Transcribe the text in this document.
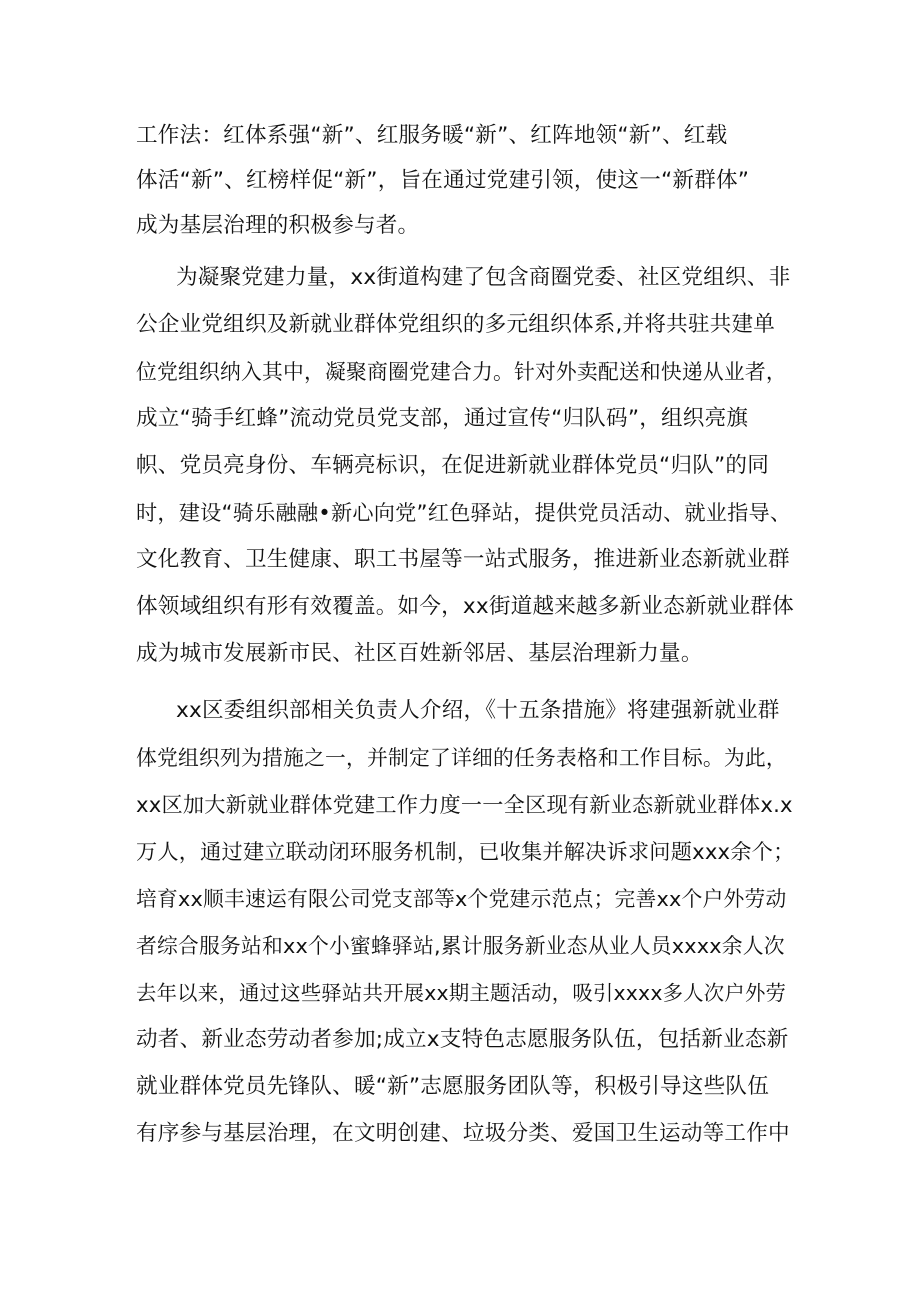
工作法：红体系强“新”、红服务暖“新”、红阵地领“新”、红载
体活“新”、红榜样促“新”，旨在通过党建引领，使这一“新群体”
成为基层治理的积极参与者。
为凝聚党建力量，xx街道构建了包含商圈党委、社区党组织、非
公企业党组织及新就业群体党组织的多元组织体系,并将共驻共建单
位党组织纳入其中，凝聚商圈党建合力。针对外卖配送和快递从业者，
成立“骑手红蜂”流动党员党支部，通过宣传“归队码”，组织亮旗
帜、党员亮身份、车辆亮标识，在促进新就业群体党员“归队”的同
时，建设“骑乐融融•新心向党”红色驿站，提供党员活动、就业指导、
文化教育、卫生健康、职工书屋等一站式服务，推进新业态新就业群
体领域组织有形有效覆盖。如今，xx街道越来越多新业态新就业群体
成为城市发展新市民、社区百姓新邻居、基层治理新力量。
xx区委组织部相关负责人介绍，《十五条措施》将建强新就业群
体党组织列为措施之一，并制定了详细的任务表格和工作目标。为此，
xx区加大新就业群体党建工作力度一一全区现有新业态新就业群体x.x
万人，通过建立联动闭环服务机制，已收集并解决诉求问题xxx余个；
培育xx顺丰速运有限公司党支部等x个党建示范点；完善xx个户外劳动
者综合服务站和xx个小蜜蜂驿站,累计服务新业态从业人员xxxx余人次
去年以来，通过这些驿站共开展xx期主题活动，吸引xxxx多人次户外劳
动者、新业态劳动者参加;成立x支特色志愿服务队伍，包括新业态新
就业群体党员先锋队、暖“新”志愿服务团队等，积极引导这些队伍
有序参与基层治理，在文明创建、垃圾分类、爱国卫生运动等工作中
